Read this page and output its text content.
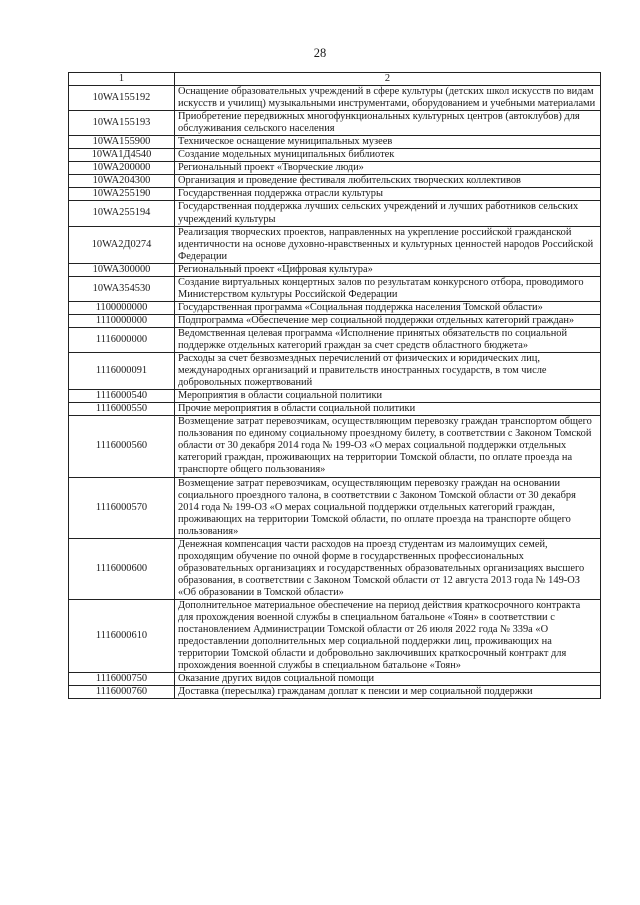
28
1	2
10WA155192	Оснащение образовательных учреждений в сфере культуры (детских школ искусств по видам искусств и училищ) музыкальными инструментами, оборудованием и учебными материалами
10WA155193	Приобретение передвижных многофункциональных культурных центров (автоклубов) для обслуживания сельского населения
10WA155900	Техническое оснащение муниципальных музеев
10WA1Д4540	Создание модельных муниципальных библиотек
10WA200000	Региональный проект «Творческие люди»
10WA204300	Организация и проведение фестиваля любительских творческих коллективов
10WA255190	Государственная поддержка отрасли культуры
10WA255194	Государственная поддержка лучших сельских учреждений и лучших работников сельских учреждений культуры
10WA2Д0274	Реализация творческих проектов, направленных на укрепление российской гражданской идентичности на основе духовно-нравственных и культурных ценностей народов Российской Федерации
10WA300000	Региональный проект «Цифровая культура»
10WA354530	Создание виртуальных концертных залов по результатам конкурсного отбора, проводимого Министерством культуры Российской Федерации
1100000000	Государственная программа «Социальная поддержка населения Томской области»
1110000000	Подпрограмма «Обеспечение мер социальной поддержки отдельных категорий граждан»
1116000000	Ведомственная целевая программа «Исполнение принятых обязательств по социальной поддержке отдельных категорий граждан за счет средств областного бюджета»
1116000091	Расходы за счет безвозмездных перечислений от физических и юридических лиц, международных организаций и правительств иностранных государств, в том числе добровольных пожертвований
1116000540	Мероприятия в области социальной политики
1116000550	Прочие мероприятия в области социальной политики
1116000560	Возмещение затрат перевозчикам, осуществляющим перевозку граждан транспортом общего пользования по единому социальному проездному билету, в соответствии с Законом Томской области от 30 декабря 2014 года № 199-ОЗ «О мерах социальной поддержки отдельных категорий граждан, проживающих на территории Томской области, по оплате проезда на транспорте общего пользования»
1116000570	Возмещение затрат перевозчикам, осуществляющим перевозку граждан на основании социального проездного талона, в соответствии с Законом Томской области от 30 декабря 2014 года № 199-ОЗ «О мерах социальной поддержки отдельных категорий граждан, проживающих на территории Томской области, по оплате проезда на транспорте общего пользования»
1116000600	Денежная компенсация части расходов на проезд студентам из малоимущих семей, проходящим обучение по очной форме в государственных профессиональных образовательных организациях и государственных образовательных организациях высшего образования, в соответствии с Законом Томской области от 12 августа 2013 года № 149-ОЗ «Об образовании в Томской области»
1116000610	Дополнительное материальное обеспечение на период действия краткосрочного контракта для прохождения военной службы в специальном батальоне «Тоян» в соответствии с постановлением Администрации Томской области от 26 июля 2022 года № 339а «О предоставлении дополнительных мер социальной поддержки лиц, проживающих на территории Томской области и добровольно заключивших краткосрочный контракт для прохождения военной службы в специальном батальоне «Тоян»
1116000750	Оказание других видов социальной помощи
1116000760	Доставка (пересылка) гражданам доплат к пенсии и мер социальной поддержки
